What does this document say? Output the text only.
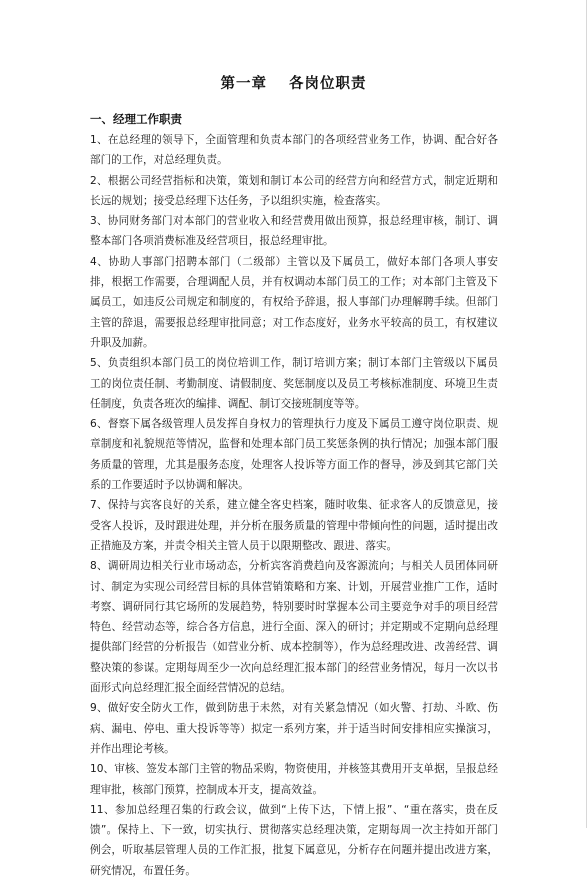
第一章 各岗位职责
一、经理工作职责

1、在总经理的领导下，全面管理和负责本部门的各项经营业务工作，协调、配合好各部门的工作，对总经理负责。

2、根据公司经营指标和决策，策划和制订本公司的经营方向和经营方式，制定近期和长远的规划；接受总经理下达任务，予以组织实施，检查落实。

3、协同财务部门对本部门的营业收入和经营费用做出预算，报总经理审核，制订、调整本部门各项消费标准及经营项目，报总经理审批。

4、协助人事部门招聘本部门（二级部）主管以及下属员工，做好本部门各项人事安排，根据工作需要，合理调配人员，并有权调动本部门员工的工作；对本部门主管及下属员工，如违反公司规定和制度的，有权给予辞退，报人事部门办理解聘手续。但部门主管的辞退，需要报总经理审批同意；对工作态度好，业务水平较高的员工，有权建议升职及加薪。

5、负责组织本部门员工的岗位培训工作，制订培训方案；制订本部门主管级以下属员工的岗位责任制、考勤制度、请假制度、奖惩制度以及员工考核标准制度、环境卫生责任制度，负责各班次的编排、调配、制订交接班制度等等。

6、督察下属各级管理人员发挥自身权力的管理执行力度及下属员工遵守岗位职责、规章制度和礼貌规范等情况，监督和处理本部门员工奖惩条例的执行情况；加强本部门服务质量的管理，尤其是服务态度，处理客人投诉等方面工作的督导，涉及到其它部门关系的工作要适时予以协调和解决。

7、保持与宾客良好的关系，建立健全客史档案，随时收集、征求客人的反馈意见，接受客人投诉，及时跟进处理，并分析在服务质量的管理中带倾向性的问题，适时提出改正措施及方案，并责令相关主管人员于以限期整改、跟进、落实。

8、调研周边相关行业市场动态，分析宾客消费趋向及客源流向；与相关人员团体同研讨、制定为实现公司经营目标的具体营销策略和方案、计划，开展营业推广工作，适时考察、调研同行其它场所的发展趋势，特别要时时掌握本公司主要竞争对手的项目经营特色、经营动态等，综合各方信息，进行全面、深入的研讨；并定期或不定期向总经理提供部门经营的分析报告（如营业分析、成本控制等），作为总经理改进、改善经营、调整决策的参谋。定期每周至少一次向总经理汇报本部门的经营业务情况，每月一次以书面形式向总经理汇报全面经营情况的总结。

9、做好安全防火工作，做到防患于未然，对有关紧急情况（如火警、打劫、斗欧、伤病、漏电、停电、重大投诉等等）拟定一系列方案，并于适当时间安排相应实操演习，并作出理论考核。

10、审核、签发本部门主管的物品采购，物资使用，并核签其费用开支单据，呈报总经理审批，核部门预算，控制成本开支，提高效益。

11、参加总经理召集的行政会议，做到“上传下达，下情上报”、“重在落实，贵在反馈”。保持上、下一致，切实执行、贯彻落实总经理决策，定期每周一次主持如开部门例会，听取基层管理人员的工作汇报，批复下属意见，分析存在问题并提出改进方案，研究情况，布置任务。
